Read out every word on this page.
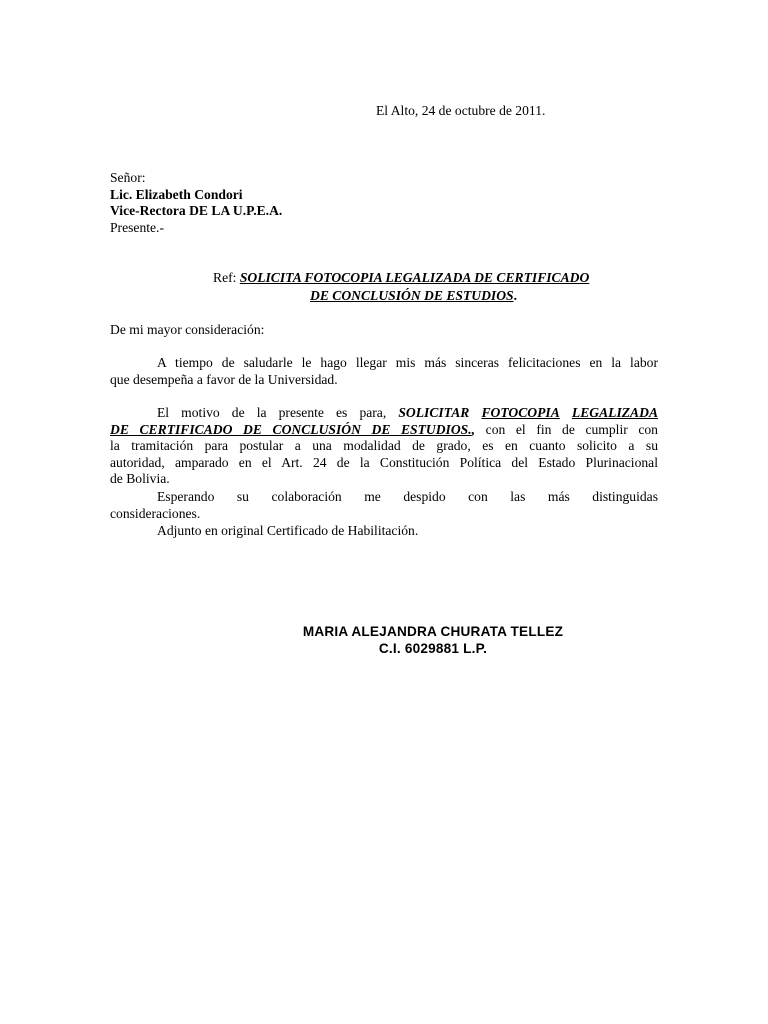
El Alto, 24 de octubre de 2011.
Señor:
Lic. Elizabeth Condori
Vice-Rectora DE LA U.P.E.A.
Presente.-
Ref: SOLICITA FOTOCOPIA LEGALIZADA DE CERTIFICADO
DE CONCLUSIÓN DE ESTUDIOS.
De mi mayor consideración:
A tiempo de saludarle le hago llegar mis más sinceras felicitaciones en la labor
que desempeña a favor de la Universidad.
El motivo de la presente es para, SOLICITAR FOTOCOPIA LEGALIZADA
DE CERTIFICADO DE CONCLUSIÓN DE ESTUDIOS., con el fin de cumplir con
la tramitación para postular a una modalidad de grado, es en cuanto solicito a su
autoridad, amparado en el Art. 24 de la Constitución Política del Estado Plurinacional
de Bolivia.
Esperando su colaboración me despido con las más distinguidas
consideraciones.
Adjunto en original Certificado de Habilitación.
MARIA ALEJANDRA CHURATA TELLEZ
C.I. 6029881 L.P.
